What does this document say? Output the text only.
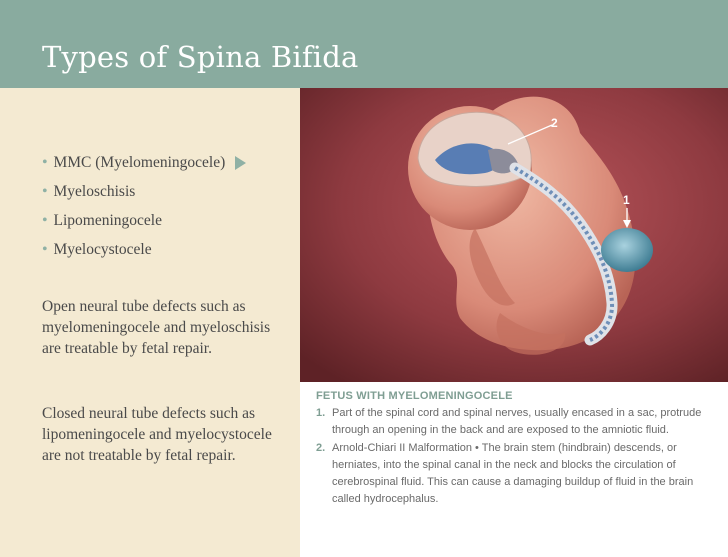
Types of Spina Bifida
• MMC (Myelomeningocele)
• Myeloschisis
• Lipomeningocele
• Myelocystocele

Open neural tube defects such as myelomeningocele and myeloschisis are treatable by fetal repair.

Closed neural tube defects such as lipomeningocele and myelocystocele are not treatable by fetal repair.

2
1
FETUS WITH MYELOMENINGOCELE
1. Part of the spinal cord and spinal nerves, usually encased in a sac, protrude through an opening in the back and are exposed to the amniotic fluid.
2. Arnold-Chiari II Malformation • The brain stem (hindbrain) descends, or herniates, into the spinal canal in the neck and blocks the circulation of cerebrospinal fluid. This can cause a damaging buildup of fluid in the brain called hydrocephalus.
